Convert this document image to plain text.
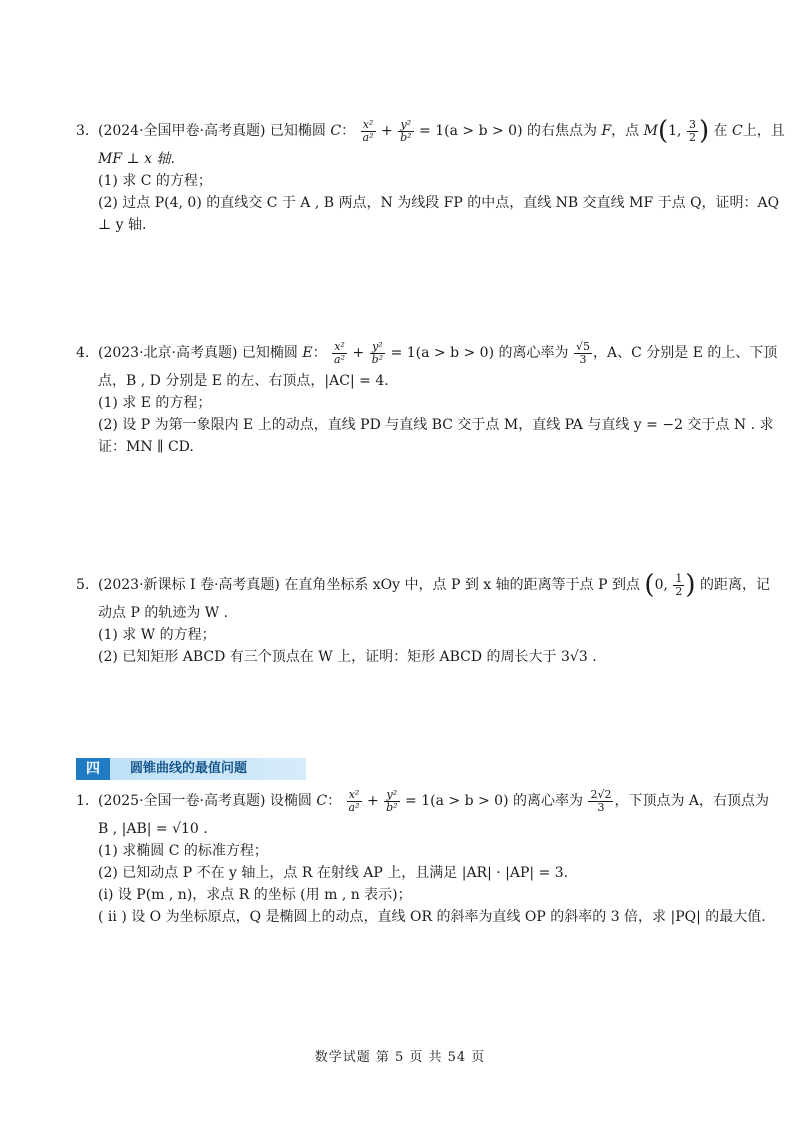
3. (2024·全国甲卷·高考真题) 已知椭圆 C： $\frac{\text{x²}}{\text{a²}} + \frac{\text{y²}}{\text{b²}} = 1(a > b > 0)$ 的右焦点为 F，点 M(1, $\frac{3}{2}$ ) 在 C上，且
MF ⊥ x 轴.
(1) 求 C 的方程；
(2) 过点 P(4, 0) 的直线交 C 于 A , B 两点，N 为线段 FP 的中点，直线 NB 交直线 MF 于点 Q，证明：AQ
⊥ y 轴.
4. (2023·北京·高考真题) 已知椭圆 E： $\frac{\text{x²}}{\text{a²}} + \frac{\text{y²}}{\text{b²}} = 1(a > b > 0)$ 的离心率为 $\frac{√5}{3}$ ，A、C 分别是 E 的上、下顶
点，B , D 分别是 E 的左、右顶点，|AC| = 4.
(1) 求 E 的方程；
(2) 设 P 为第一象限内 E 上的动点，直线 PD 与直线 BC 交于点 M，直线 PA 与直线 y = −2 交于点 N . 求
证：MN ∥ CD.
5. (2023·新课标 Ⅰ 卷·高考真题) 在直角坐标系 xOy 中，点 P 到 x 轴的距离等于点 P 到点 (0, $\frac{1}{2}$ ) 的距离，记
动点 P 的轨迹为 W .
(1) 求 W 的方程；
(2) 已知矩形 ABCD 有三个顶点在 W 上，证明：矩形 ABCD 的周长大于 3√3 .
四	圆锥曲线的最值问题
1. (2025·全国一卷·高考真题) 设椭圆 C： $\frac{\text{x²}}{\text{a²}} + \frac{\text{y²}}{\text{b²}} = 1(a > b > 0)$ 的离心率为 $\frac{2√2}{3}$ ，下顶点为 A，右顶点为
B , |AB| = √10 .
(1) 求椭圆 C 的标准方程；
(2) 已知动点 P 不在 y 轴上，点 R 在射线 AP 上，且满足 |AR| · |AP| = 3.
(i) 设 P(m , n)，求点 R 的坐标 (用 m , n 表示)；
( ii ) 设 O 为坐标原点，Q 是椭圆上的动点，直线 OR 的斜率为直线 OP 的斜率的 3 倍，求 |PQ| 的最大值.
数学试题 第 5 页 共 54 页
